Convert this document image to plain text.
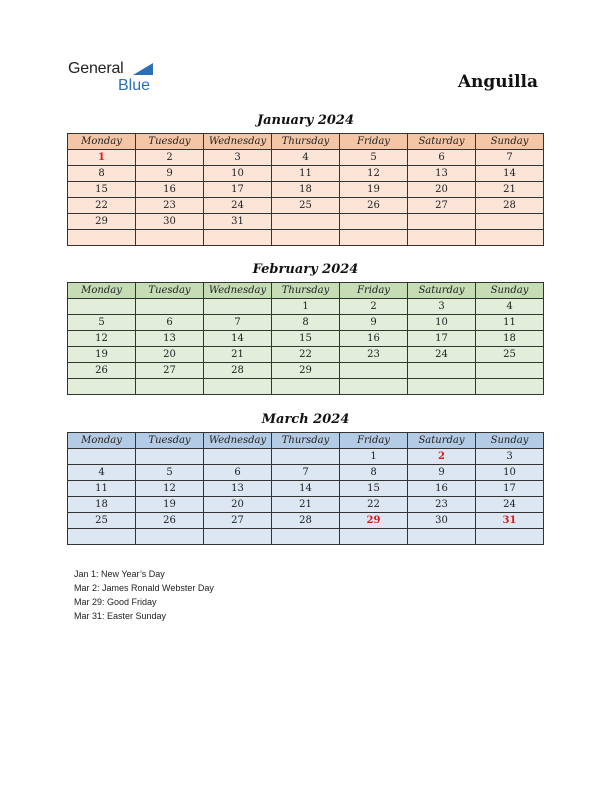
General
Blue	Anguilla
January 2024
Monday	Tuesday	Wednesday	Thursday	Friday	Saturday	Sunday
1	2	3	4	5	6	7
8	9	10	11	12	13	14
15	16	17	18	19	20	21
22	23	24	25	26	27	28
29	30	31				

February 2024
Monday	Tuesday	Wednesday	Thursday	Friday	Saturday	Sunday
			1	2	3	4
5	6	7	8	9	10	11
12	13	14	15	16	17	18
19	20	21	22	23	24	25
26	27	28	29			

March 2024
Monday	Tuesday	Wednesday	Thursday	Friday	Saturday	Sunday
				1	2	3
4	5	6	7	8	9	10
11	12	13	14	15	16	17
18	19	20	21	22	23	24
25	26	27	28	29	30	31

Jan 1: New Year’s Day
Mar 2: James Ronald Webster Day
Mar 29: Good Friday
Mar 31: Easter Sunday
